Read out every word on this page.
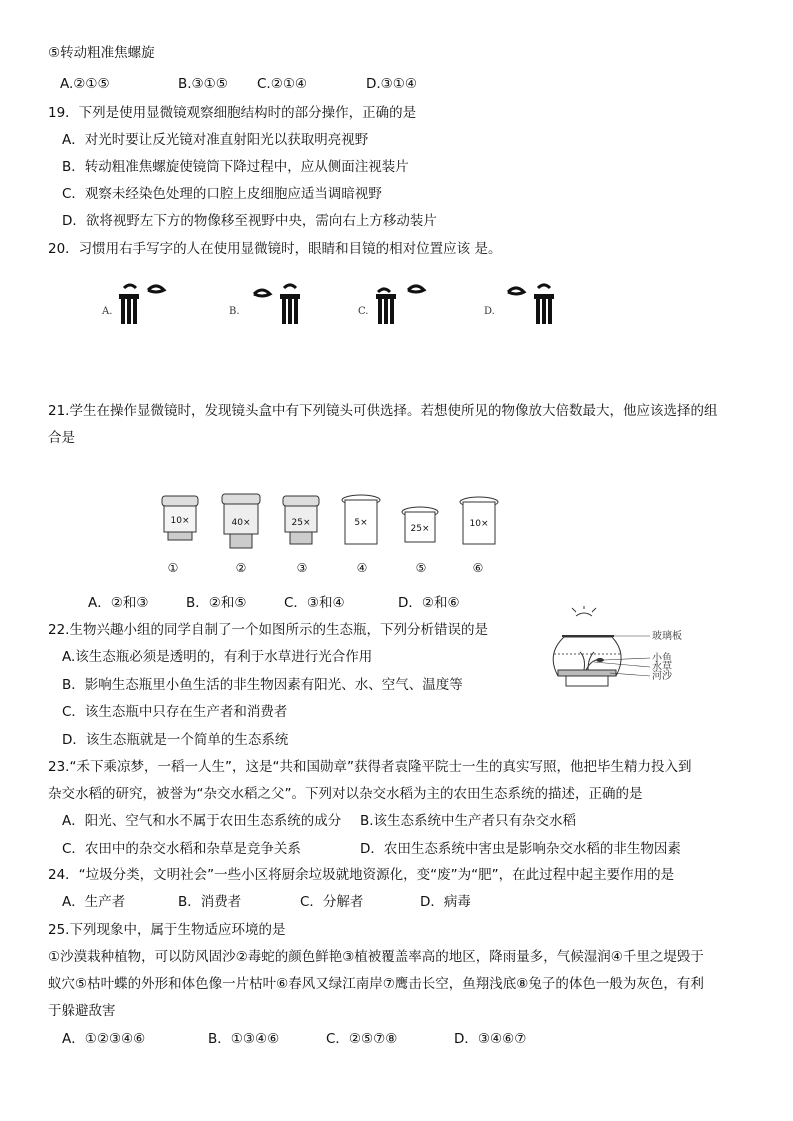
⑤转动粗准焦螺旋
A.②①⑤	B.③①⑤ C.②①④	D.③①④
19．下列是使用显微镜观察细胞结构时的部分操作，正确的是
A．对光时要让反光镜对准直射阳光以获取明亮视野
B．转动粗准焦螺旋使镜筒下降过程中，应从侧面注视装片
C．观察未经染色处理的口腔上皮细胞应适当调暗视野
D．欲将视野左下方的物像移至视野中央，需向右上方移动装片
20．习惯用右手写字的人在使用显微镜时，眼睛和目镜的相对位置应该 是。
A.	B.	C.	D.
21.学生在操作显微镜时，发现镜头盒中有下列镜头可供选择。若想使所见的物像放大倍数最大，他应该选择的组
合是
10×	40×	25×	5×
25×	10×
①	②	③	④	⑤	⑥
A．②和③	B．②和⑤	C．③和④	D．②和⑥
22.生物兴趣小组的同学自制了一个如图所示的生态瓶，下列分析错误的是
A.该生态瓶必须是透明的，有利于水草进行光合作用
B．影响生态瓶里小鱼生活的非生物因素有阳光、水、空气、温度等
C．该生态瓶中只存在生产者和消费者
D．该生态瓶就是一个简单的生态系统
玻璃板
小鱼
水草
河沙
23.“禾下乘凉梦，一稻一人生”，这是“共和国勋章”获得者袁隆平院士一生的真实写照，他把毕生精力投入到
杂交水稻的研究，被誉为“杂交水稻之父”。下列对以杂交水稻为主的农田生态系统的描述，正确的是
A．阳光、空气和水不属于农田生态系统的成分 B.该生态系统中生产者只有杂交水稻
C．农田中的杂交水稻和杂草是竞争关系	D．农田生态系统中害虫是影响杂交水稻的非生物因素
24．“垃圾分类，文明社会”一些小区将厨余垃圾就地资源化，变“废”为“肥”，在此过程中起主要作用的是
A．生产者	B．消费者	C．分解者	D．病毒
25.下列现象中，属于生物适应环境的是
①沙漠栽种植物，可以防风固沙②毒蛇的颜色鲜艳③植被覆盖率高的地区，降雨量多，气候湿润④千里之堤毁于
蚁穴⑤枯叶蝶的外形和体色像一片枯叶⑥春风又绿江南岸⑦鹰击长空，鱼翔浅底⑧兔子的体色一般为灰色，有利
于躲避敌害
A．①②③④⑥	B．①③④⑥	C．②⑤⑦⑧	D．③④⑥⑦
